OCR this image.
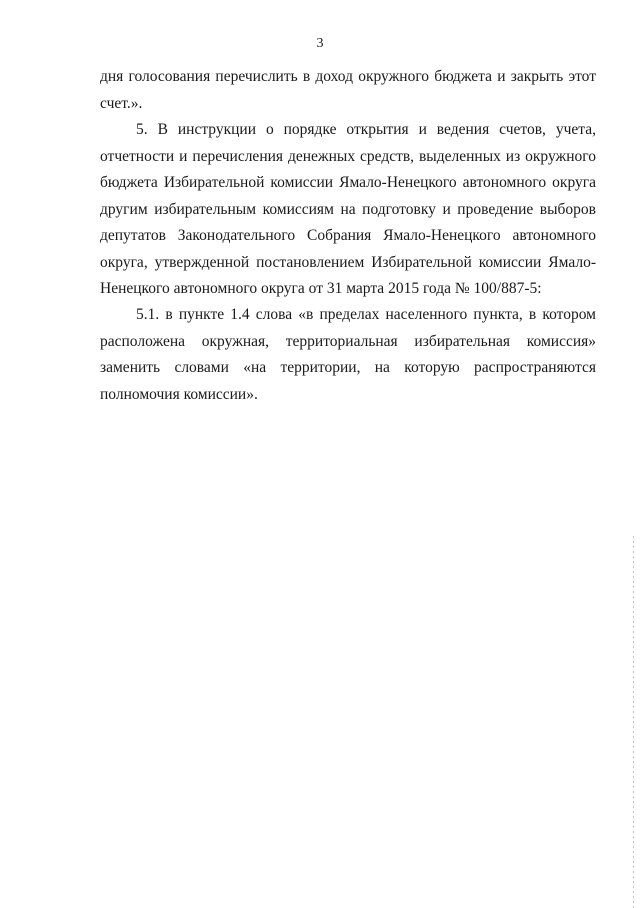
3

дня голосования перечислить в доход окружного бюджета и закрыть этот счет.».

5. В инструкции о порядке открытия и ведения счетов, учета, отчетности и перечисления денежных средств, выделенных из окружного бюджета Избирательной комиссии Ямало-Ненецкого автономного округа другим избирательным комиссиям на подготовку и проведение выборов депутатов Законодательного Собрания Ямало-Ненецкого автономного округа, утвержденной постановлением Избирательной комиссии Ямало-Ненецкого автономного округа от 31 марта 2015 года № 100/887-5:

5.1. в пункте 1.4 слова «в пределах населенного пункта, в котором расположена окружная, территориальная избирательная комиссия» заменить словами «на территории, на которую распространяются полномочия комиссии».
